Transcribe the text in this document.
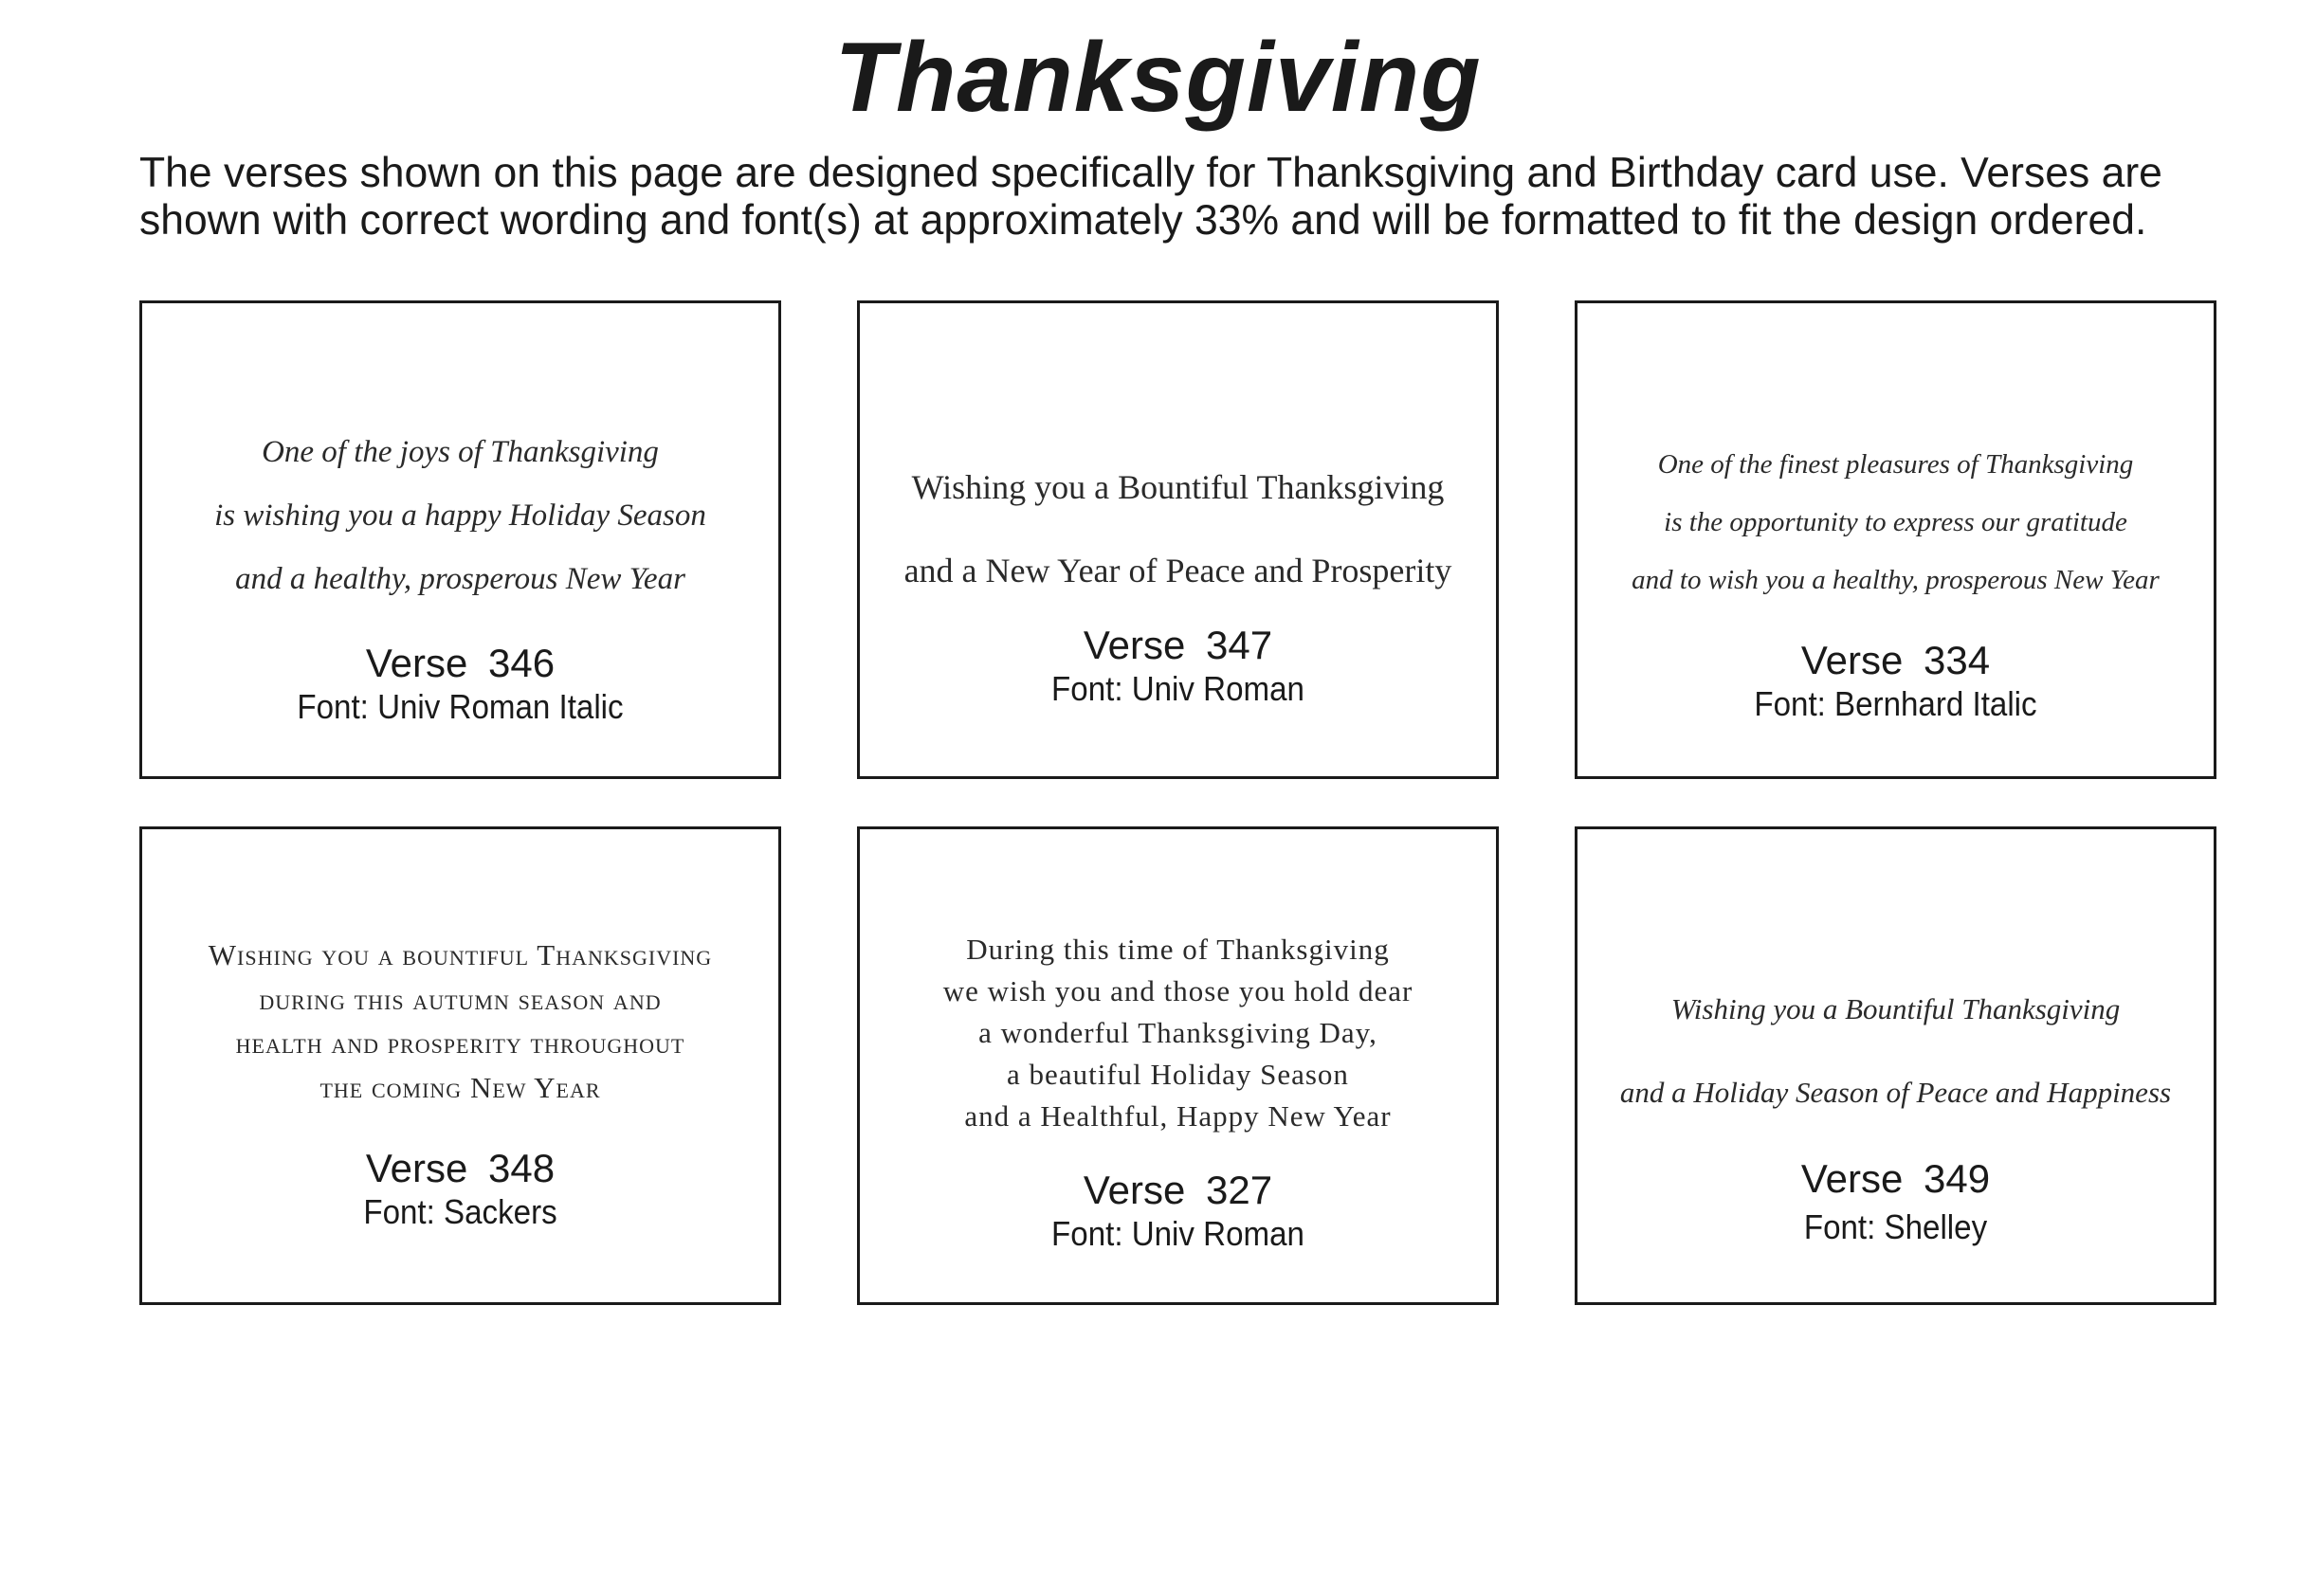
Thanksgiving
The verses shown on this page are designed specifically for Thanksgiving and Birthday card use. Verses are
shown with correct wording and font(s) at approximately 33% and will be formatted to fit the design ordered.
One of the joys of Thanksgiving
is wishing you a happy Holiday Season
and a healthy, prosperous New Year
Verse 346
Font: Univ Roman Italic
Wishing you a Bountiful Thanksgiving
and a New Year of Peace and Prosperity
Verse 347
Font: Univ Roman
One of the finest pleasures of Thanksgiving
is the opportunity to express our gratitude
and to wish you a healthy, prosperous New Year
Verse 334
Font: Bernhard Italic
Wishing you a bountiful Thanksgiving
during this autumn season and
health and prosperity throughout
the coming New Year
Verse 348
Font: Sackers
During this time of Thanksgiving
we wish you and those you hold dear
a wonderful Thanksgiving Day,
a beautiful Holiday Season
and a Healthful, Happy New Year
Verse 327
Font: Univ Roman
Wishing you a Bountiful Thanksgiving
and a Holiday Season of Peace and Happiness
Verse 349
Font: Shelley
